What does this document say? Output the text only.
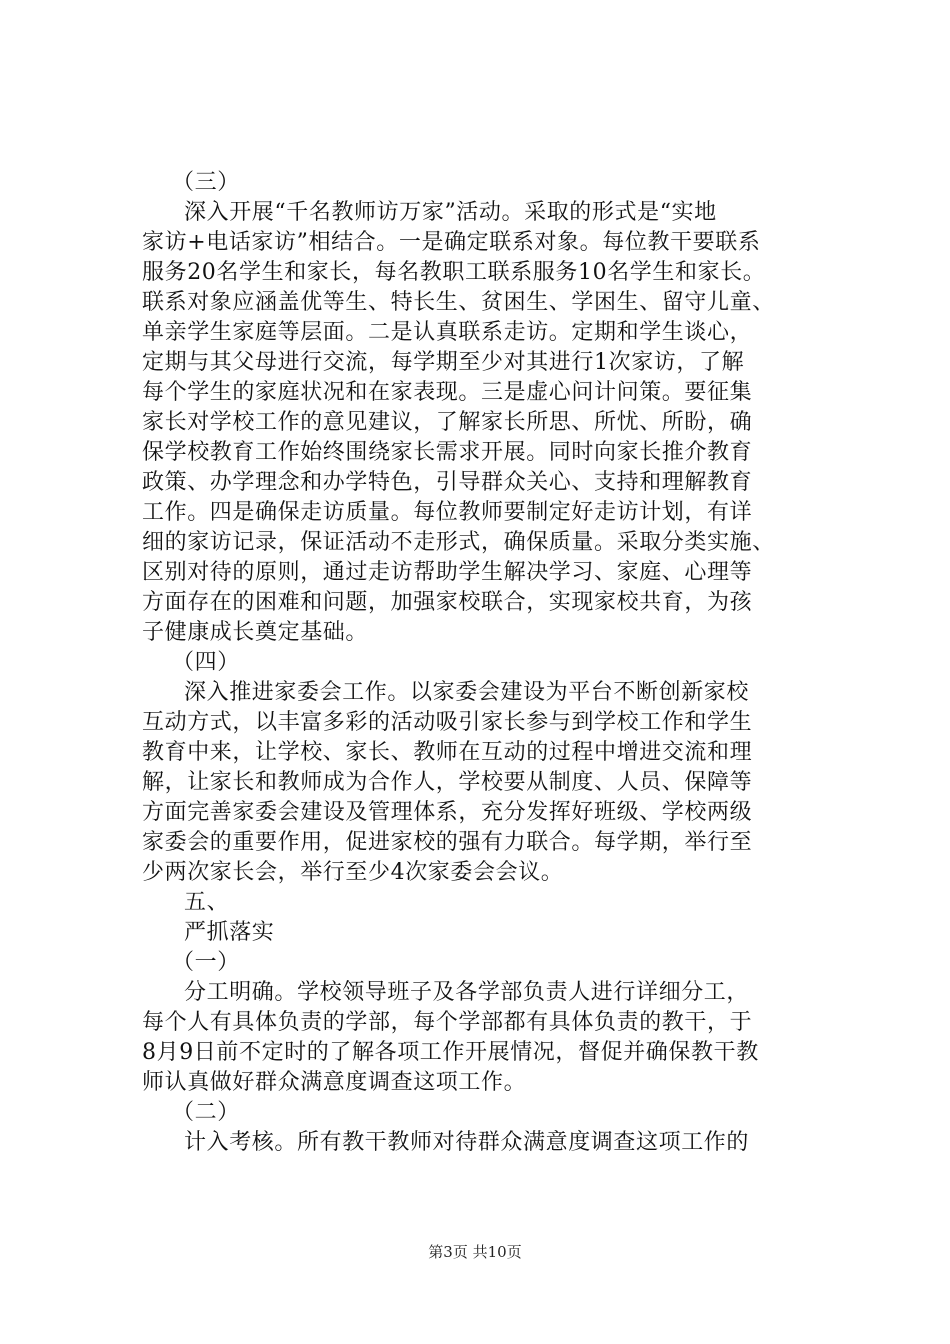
（三）
深入开展“千名教师访万家”活动。采取的形式是“实地
家访+电话家访”相结合。一是确定联系对象。每位教干要联系
服务20名学生和家长，每名教职工联系服务10名学生和家长。
联系对象应涵盖优等生、特长生、贫困生、学困生、留守儿童、
单亲学生家庭等层面。二是认真联系走访。定期和学生谈心，
定期与其父母进行交流，每学期至少对其进行1次家访，了解
每个学生的家庭状况和在家表现。三是虚心问计问策。要征集
家长对学校工作的意见建议，了解家长所思、所忧、所盼，确
保学校教育工作始终围绕家长需求开展。同时向家长推介教育
政策、办学理念和办学特色，引导群众关心、支持和理解教育
工作。四是确保走访质量。每位教师要制定好走访计划，有详
细的家访记录，保证活动不走形式，确保质量。采取分类实施、
区别对待的原则，通过走访帮助学生解决学习、家庭、心理等
方面存在的困难和问题，加强家校联合，实现家校共育，为孩
子健康成长奠定基础。
（四）
深入推进家委会工作。以家委会建设为平台不断创新家校
互动方式，以丰富多彩的活动吸引家长参与到学校工作和学生
教育中来，让学校、家长、教师在互动的过程中增进交流和理
解，让家长和教师成为合作人，学校要从制度、人员、保障等
方面完善家委会建设及管理体系，充分发挥好班级、学校两级
家委会的重要作用，促进家校的强有力联合。每学期，举行至
少两次家长会，举行至少4次家委会会议。
五、
严抓落实
（一）
分工明确。学校领导班子及各学部负责人进行详细分工，
每个人有具体负责的学部，每个学部都有具体负责的教干，于
8月9日前不定时的了解各项工作开展情况，督促并确保教干教
师认真做好群众满意度调查这项工作。
（二）
计入考核。所有教干教师对待群众满意度调查这项工作的
第3页 共10页
